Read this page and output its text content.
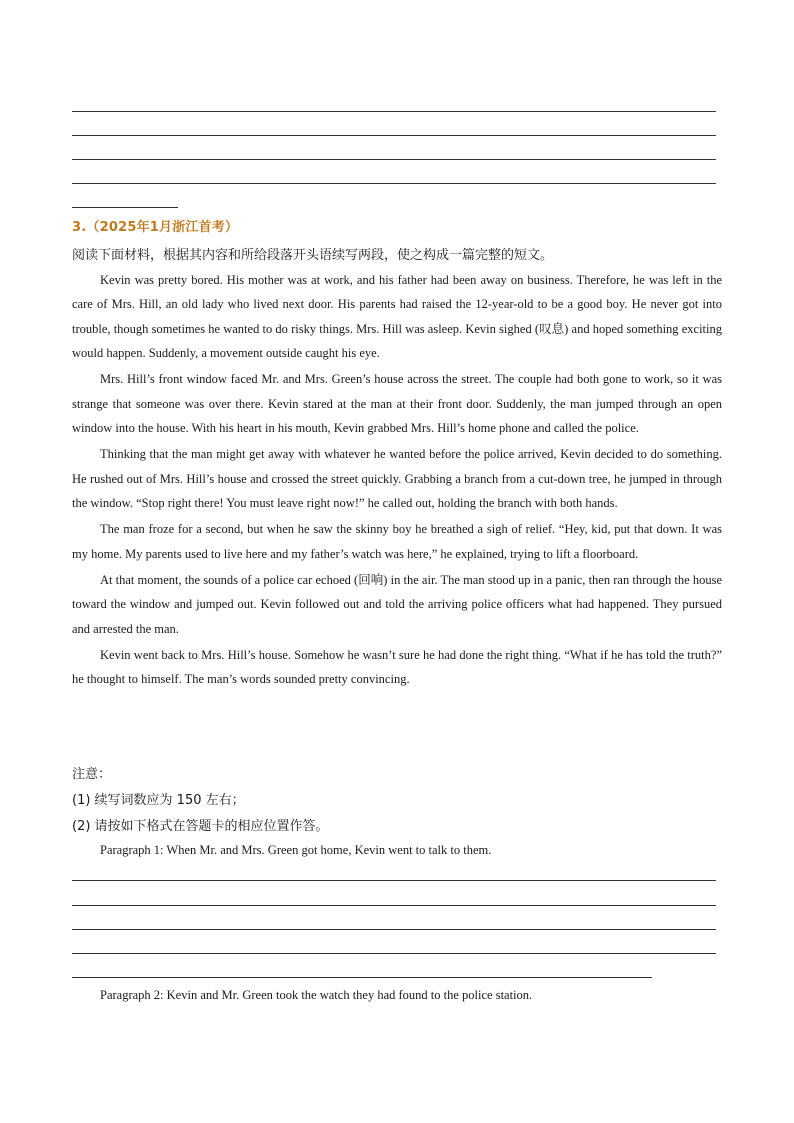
3.（2025年1月浙江首考）
阅读下面材料，根据其内容和所给段落开头语续写两段，使之构成一篇完整的短文。

Kevin was pretty bored. His mother was at work, and his father had been away on business. Therefore, he was left in the care of Mrs. Hill, an old lady who lived next door. His parents had raised the 12-year-old to be a good boy. He never got into trouble, though sometimes he wanted to do risky things. Mrs. Hill was asleep. Kevin sighed (叹息) and hoped something exciting would happen. Suddenly, a movement outside caught his eye.

Mrs. Hill’s front window faced Mr. and Mrs. Green’s house across the street. The couple had both gone to work, so it was strange that someone was over there. Kevin stared at the man at their front door. Suddenly, the man jumped through an open window into the house. With his heart in his mouth, Kevin grabbed Mrs. Hill’s home phone and called the police.

Thinking that the man might get away with whatever he wanted before the police arrived, Kevin decided to do something. He rushed out of Mrs. Hill’s house and crossed the street quickly. Grabbing a branch from a cut-down tree, he jumped in through the window. “Stop right there! You must leave right now!” he called out, holding the branch with both hands.

The man froze for a second, but when he saw the skinny boy he breathed a sigh of relief. “Hey, kid, put that down. It was my home. My parents used to live here and my father’s watch was here,” he explained, trying to lift a floorboard.

At that moment, the sounds of a police car echoed (回响) in the air. The man stood up in a panic, then ran through the house toward the window and jumped out. Kevin followed out and told the arriving police officers what had happened. They pursued and arrested the man.

Kevin went back to Mrs. Hill’s house. Somehow he wasn’t sure he had done the right thing. “What if he has told the truth?” he thought to himself. The man’s words sounded pretty convincing.

注意：
(1) 续写词数应为 150 左右；
(2) 请按如下格式在答题卡的相应位置作答。
Paragraph 1: When Mr. and Mrs. Green got home, Kevin went to talk to them.
Paragraph 2: Kevin and Mr. Green took the watch they had found to the police station.
